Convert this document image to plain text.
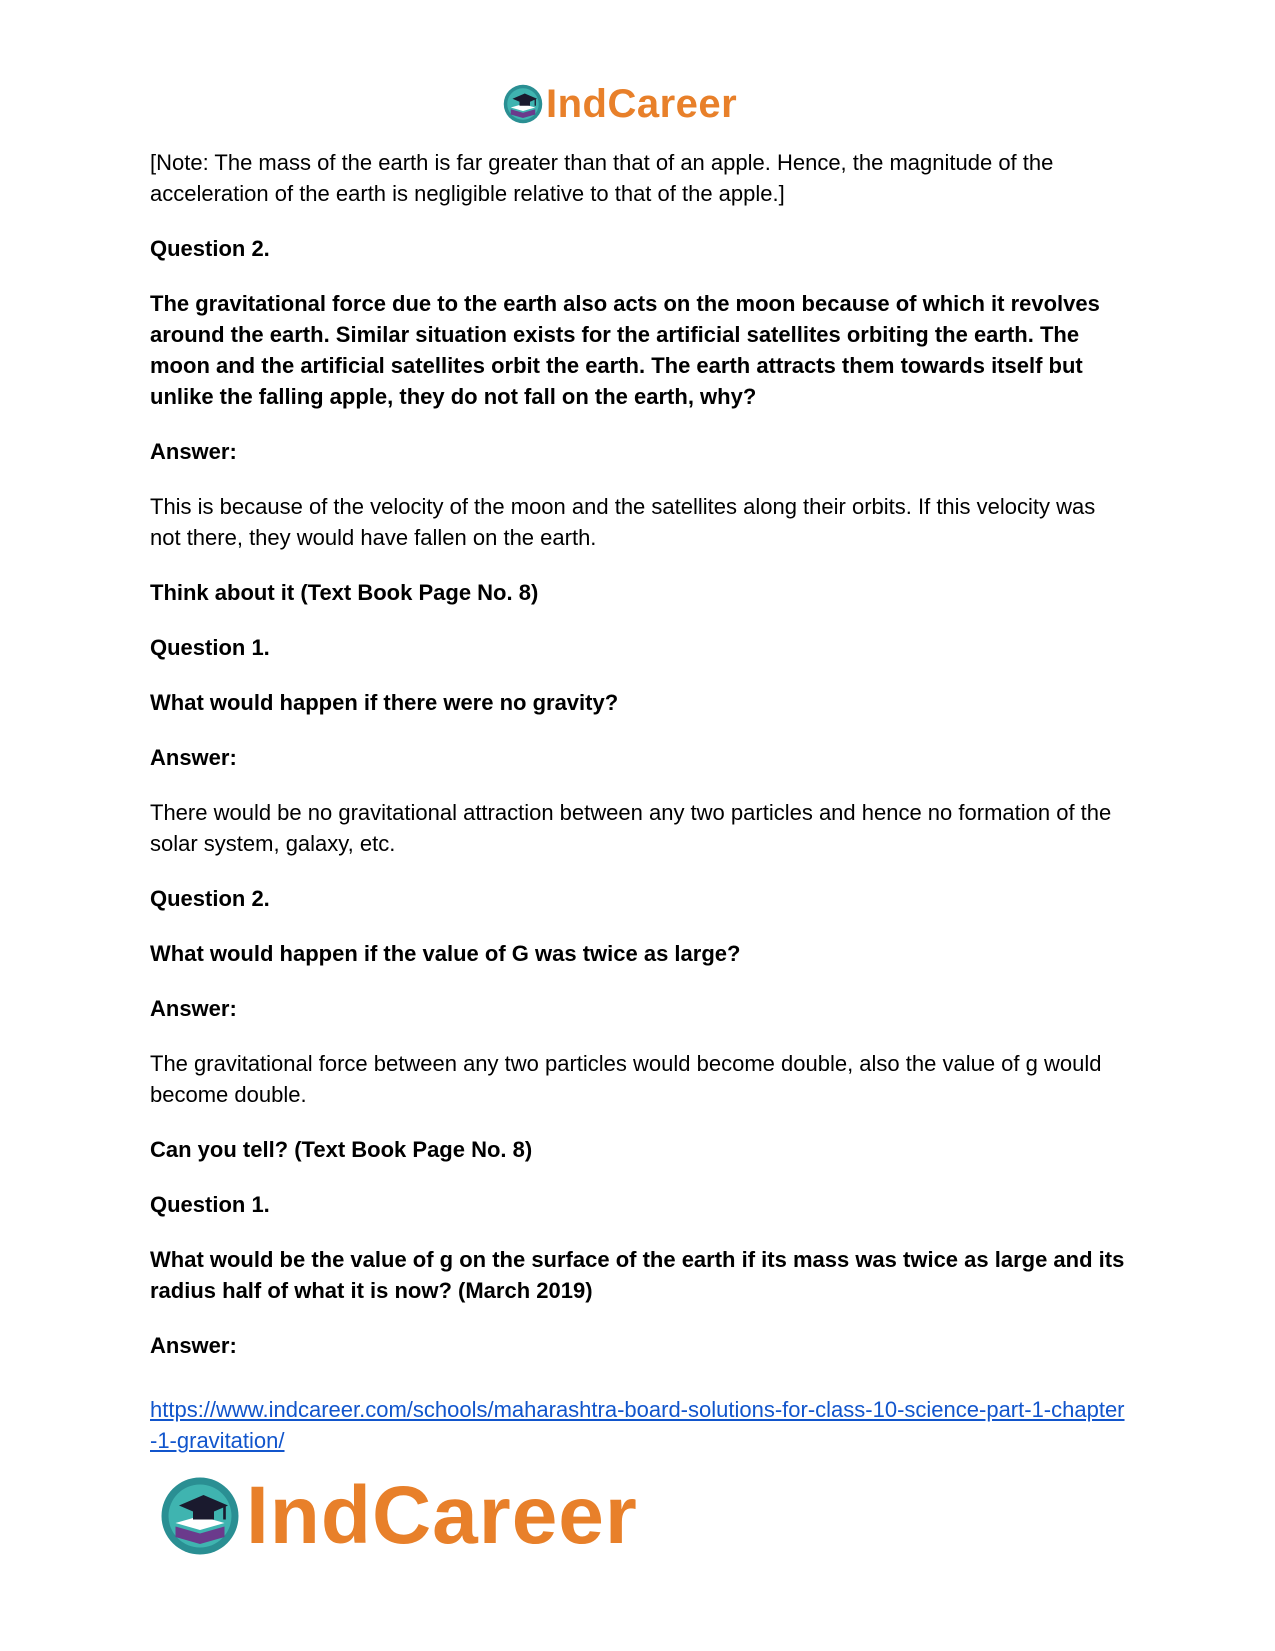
IndCareer

[Note: The mass of the earth is far greater than that of an apple. Hence, the magnitude of the acceleration of the earth is negligible relative to that of the apple.]

Question 2.

The gravitational force due to the earth also acts on the moon because of which it revolves around the earth. Similar situation exists for the artificial satellites orbiting the earth. The moon and the artificial satellites orbit the earth. The earth attracts them towards itself but unlike the falling apple, they do not fall on the earth, why?

Answer:

This is because of the velocity of the moon and the satellites along their orbits. If this velocity was not there, they would have fallen on the earth.

Think about it (Text Book Page No. 8)

Question 1.

What would happen if there were no gravity?

Answer:

There would be no gravitational attraction between any two particles and hence no formation of the solar system, galaxy, etc.

Question 2.

What would happen if the value of G was twice as large?

Answer:

The gravitational force between any two particles would become double, also the value of g would become double.

Can you tell? (Text Book Page No. 8)

Question 1.

What would be the value of g on the surface of the earth if its mass was twice as large and its radius half of what it is now? (March 2019)

Answer:

https://www.indcareer.com/schools/maharashtra-board-solutions-for-class-10-science-part-1-chapter-1-gravitation/
IndCareer
